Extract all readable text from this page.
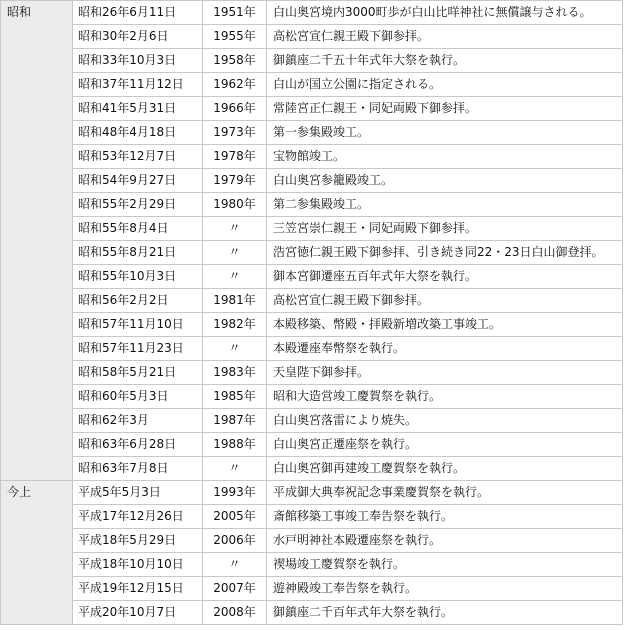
昭和	昭和26年6月11日	1951年	白山奥宮境内3000町歩が白山比咩神社に無償譲与される。
	昭和30年2月6日	1955年	高松宮宣仁親王殿下御参拝。
	昭和33年10月3日	1958年	御鎮座二千五十年式年大祭を執行。
	昭和37年11月12日	1962年	白山が国立公園に指定される。
	昭和41年5月31日	1966年	常陸宮正仁親王・同妃両殿下御参拝。
	昭和48年4月18日	1973年	第一参集殿竣工。
	昭和53年12月7日	1978年	宝物館竣工。
	昭和54年9月27日	1979年	白山奥宮参籠殿竣工。
	昭和55年2月29日	1980年	第二参集殿竣工。
	昭和55年8月4日	〃	三笠宮崇仁親王・同妃両殿下御参拝。
	昭和55年8月21日	〃	浩宮徳仁親王殿下御参拝、引き続き同22・23日白山御登拝。
	昭和55年10月3日	〃	御本宮御遷座五百年式年大祭を執行。
	昭和56年2月2日	1981年	高松宮宣仁親王殿下御参拝。
	昭和57年11月10日	1982年	本殿移築、幣殿・拝殿新増改築工事竣工。
	昭和57年11月23日	〃	本殿遷座奉幣祭を執行。
	昭和58年5月21日	1983年	天皇陛下御参拝。
	昭和60年5月3日	1985年	昭和大造営竣工慶賀祭を執行。
	昭和62年3月	1987年	白山奥宮落雷により焼失。
	昭和63年6月28日	1988年	白山奥宮正遷座祭を執行。
	昭和63年7月8日	〃	白山奥宮御再建竣工慶賀祭を執行。
今上	平成5年5月3日	1993年	平成御大典奉祝記念事業慶賀祭を執行。
	平成17年12月26日	2005年	斎館移築工事竣工奉告祭を執行。
	平成18年5月29日	2006年	水戸明神社本殿遷座祭を執行。
	平成18年10月10日	〃	禊場竣工慶賀祭を執行。
	平成19年12月15日	2007年	遊神殿竣工奉告祭を執行。
	平成20年10月7日	2008年	御鎮座二千百年式年大祭を執行。
